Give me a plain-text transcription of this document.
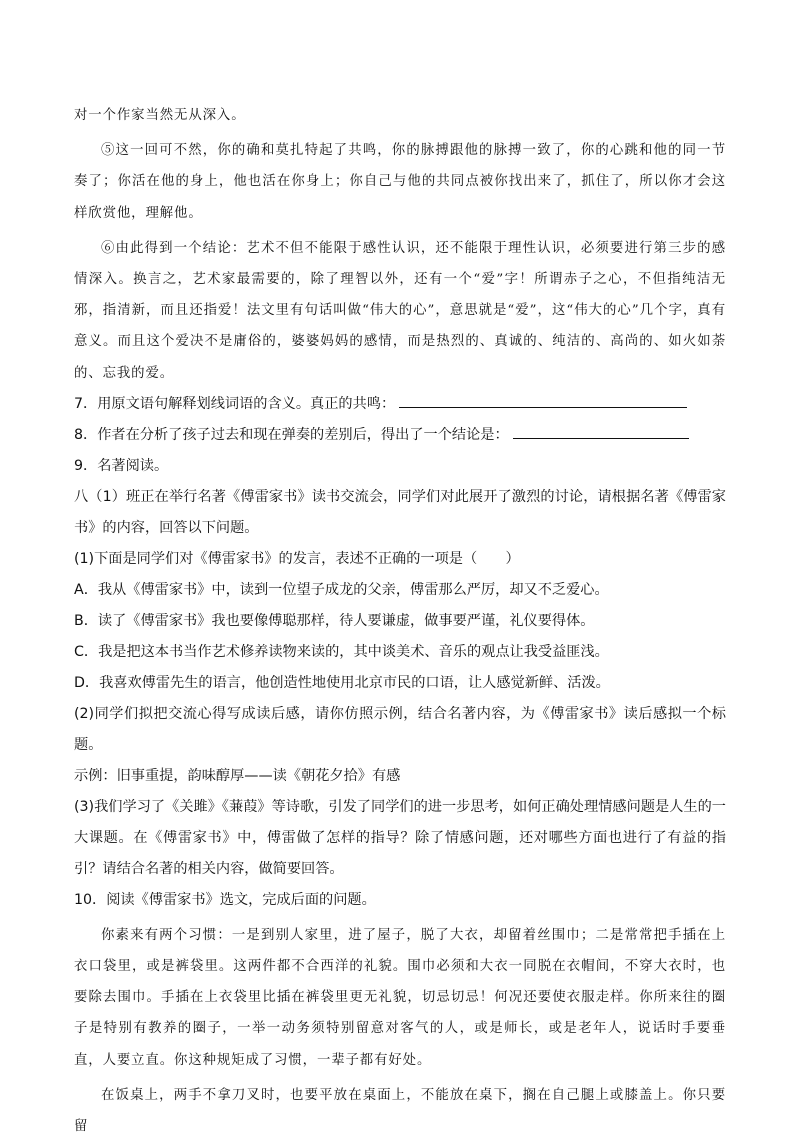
对一个作家当然无从深入。

⑤这一回可不然，你的确和莫扎特起了共鸣，你的脉搏跟他的脉搏一致了，你的心跳和他的同一节奏了；你活在他的身上，他也活在你身上；你自己与他的共同点被你找出来了，抓住了，所以你才会这样欣赏他，理解他。

⑥由此得到一个结论：艺术不但不能限于感性认识，还不能限于理性认识，必须要进行第三步的感情深入。换言之，艺术家最需要的，除了理智以外，还有一个“爱”字！所谓赤子之心，不但指纯洁无邪，指清新，而且还指爱！法文里有句话叫做“伟大的心”，意思就是“爱”，这“伟大的心”几个字，真有意义。而且这个爱决不是庸俗的，婆婆妈妈的感情，而是热烈的、真诚的、纯洁的、高尚的、如火如荼的、忘我的爱。

7．用原文语句解释划线词语的含义。真正的共鸣：

8．作者在分析了孩子过去和现在弹奏的差别后，得出了一个结论是：

9．名著阅读。

八（1）班正在举行名著《傅雷家书》读书交流会，同学们对此展开了激烈的讨论，请根据名著《傅雷家书》的内容，回答以下问题。

(1)下面是同学们对《傅雷家书》的发言，表述不正确的一项是（　　）

A．我从《傅雷家书》中，读到一位望子成龙的父亲，傅雷那么严厉，却又不乏爱心。

B．读了《傅雷家书》我也要像傅聪那样，待人要谦虚，做事要严谨，礼仪要得体。

C．我是把这本书当作艺术修养读物来读的，其中谈美术、音乐的观点让我受益匪浅。

D．我喜欢傅雷先生的语言，他创造性地使用北京市民的口语，让人感觉新鲜、活泼。

(2)同学们拟把交流心得写成读后感，请你仿照示例，结合名著内容，为《傅雷家书》读后感拟一个标题。

示例：旧事重提，韵味醇厚——读《朝花夕拾》有感

(3)我们学习了《关雎》《蒹葭》等诗歌，引发了同学们的进一步思考，如何正确处理情感问题是人生的一大课题。在《傅雷家书》中，傅雷做了怎样的指导？除了情感问题，还对哪些方面也进行了有益的指引？请结合名著的相关内容，做简要回答。

10．阅读《傅雷家书》选文，完成后面的问题。

你素来有两个习惯：一是到别人家里，进了屋子，脱了大衣，却留着丝围巾；二是常常把手插在上衣口袋里，或是裤袋里。这两件都不合西洋的礼貌。围巾必须和大衣一同脱在衣帽间，不穿大衣时，也要除去围巾。手插在上衣袋里比插在裤袋里更无礼貌，切忌切忌！何况还要使衣服走样。你所来往的圈子是特别有教养的圈子，一举一动务须特别留意对客气的人，或是师长，或是老年人，说话时手要垂直，人要立直。你这种规矩成了习惯，一辈子都有好处。

在饭桌上，两手不拿刀叉时，也要平放在桌面上，不能放在桌下，搁在自己腿上或膝盖上。你只要留
